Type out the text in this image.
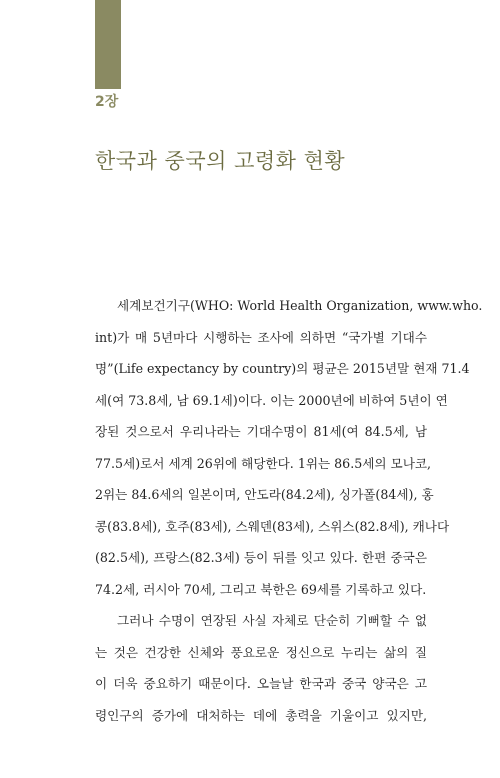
2장
한국과 중국의 고령화 현황
세계보건기구(WHO: World Health Organization, www.who.
int)가 매 5년마다 시행하는 조사에 의하면 “국가별 기대수
명”(Life expectancy by country)의 평균은 2015년말 현재 71.4
세(여 73.8세, 남 69.1세)이다. 이는 2000년에 비하여 5년이 연
장된 것으로서 우리나라는 기대수명이 81세(여 84.5세, 남
77.5세)로서 세계 26위에 해당한다. 1위는 86.5세의 모나코,
2위는 84.6세의 일본이며, 안도라(84.2세), 싱가폴(84세), 홍
콩(83.8세), 호주(83세), 스웨덴(83세), 스위스(82.8세), 캐나다
(82.5세), 프랑스(82.3세) 등이 뒤를 잇고 있다. 한편 중국은
74.2세, 러시아 70세, 그리고 북한은 69세를 기록하고 있다.
그러나 수명이 연장된 사실 자체로 단순히 기뻐할 수 없
는 것은 건강한 신체와 풍요로운 정신으로 누리는 삶의 질
이 더욱 중요하기 때문이다. 오늘날 한국과 중국 양국은 고
령인구의 증가에 대처하는 데에 총력을 기울이고 있지만,
